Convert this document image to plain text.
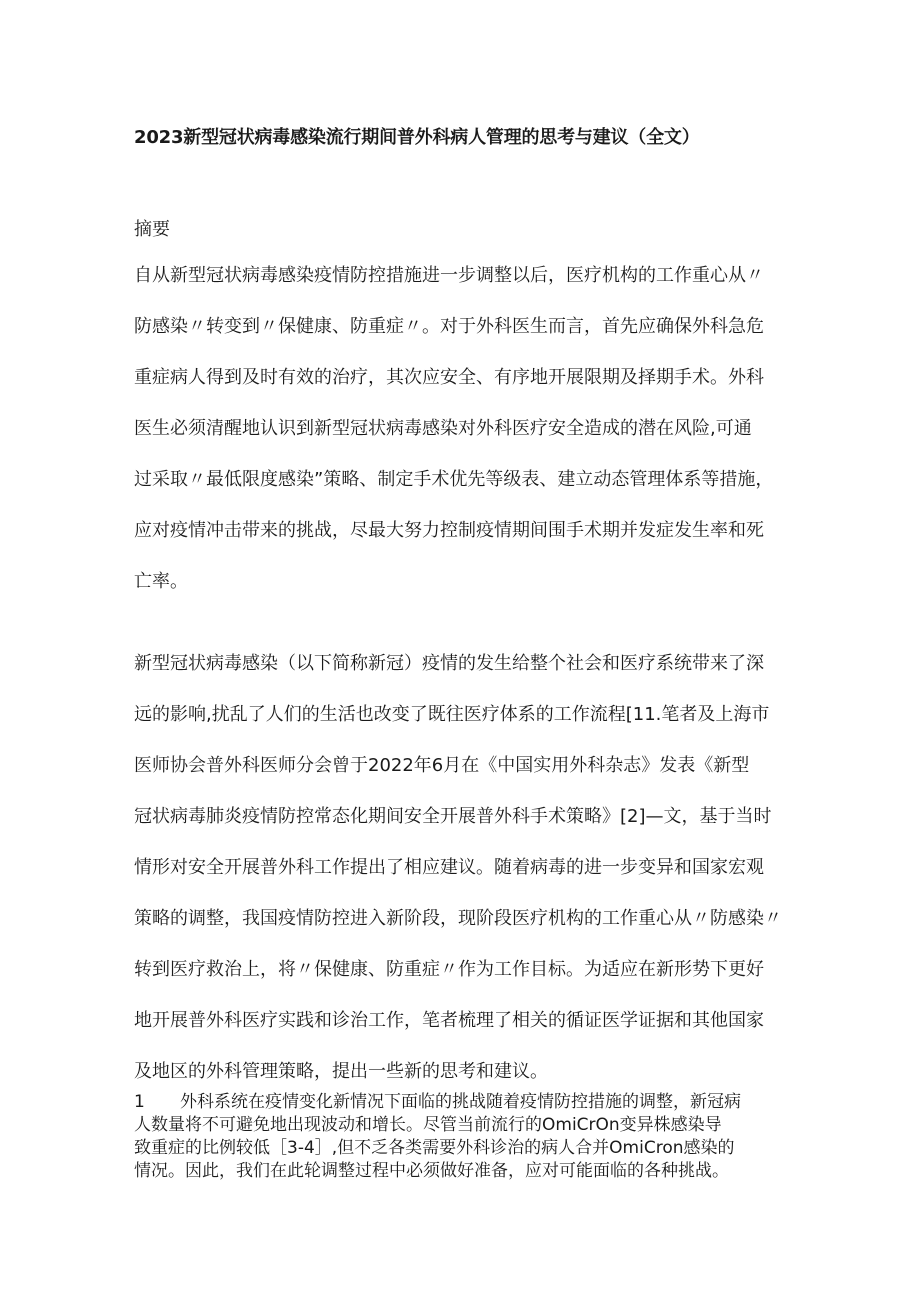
2023新型冠状病毒感染流行期间普外科病人管理的思考与建议（全文）
摘要
自从新型冠状病毒感染疫情防控措施进一步调整以后，医疗机构的工作重心从〃
防感染〃转变到〃保健康、防重症〃。对于外科医生而言，首先应确保外科急危
重症病人得到及时有效的治疗，其次应安全、有序地开展限期及择期手术。外科
医生必须清醒地认识到新型冠状病毒感染对外科医疗安全造成的潜在风险,可通
过采取〃最低限度感染”策略、制定手术优先等级表、建立动态管理体系等措施，
应对疫情冲击带来的挑战，尽最大努力控制疫情期间围手术期并发症发生率和死
亡率。
新型冠状病毒感染（以下简称新冠）疫情的发生给整个社会和医疗系统带来了深
远的影响,扰乱了人们的生活也改变了既往医疗体系的工作流程[11.笔者及上海市
医师协会普外科医师分会曾于2022年6月在《中国实用外科杂志》发表《新型
冠状病毒肺炎疫情防控常态化期间安全开展普外科手术策略》[2]—文，基于当时
情形对安全开展普外科工作提出了相应建议。随着病毒的进一步变异和国家宏观
策略的调整，我国疫情防控进入新阶段，现阶段医疗机构的工作重心从〃防感染〃
转到医疗救治上，将〃保健康、防重症〃作为工作目标。为适应在新形势下更好
地开展普外科医疗实践和诊治工作，笔者梳理了相关的循证医学证据和其他国家
及地区的外科管理策略，提出一些新的思考和建议。
1 外科系统在疫情变化新情况下面临的挑战随着疫情防控措施的调整，新冠病
人数量将不可避免地出现波动和增长。尽管当前流行的OmiCrOn变异株感染导
致重症的比例较低［3-4］,但不乏各类需要外科诊治的病人合并OmiCron感染的
情况。因此，我们在此轮调整过程中必须做好准备，应对可能面临的各种挑战。
